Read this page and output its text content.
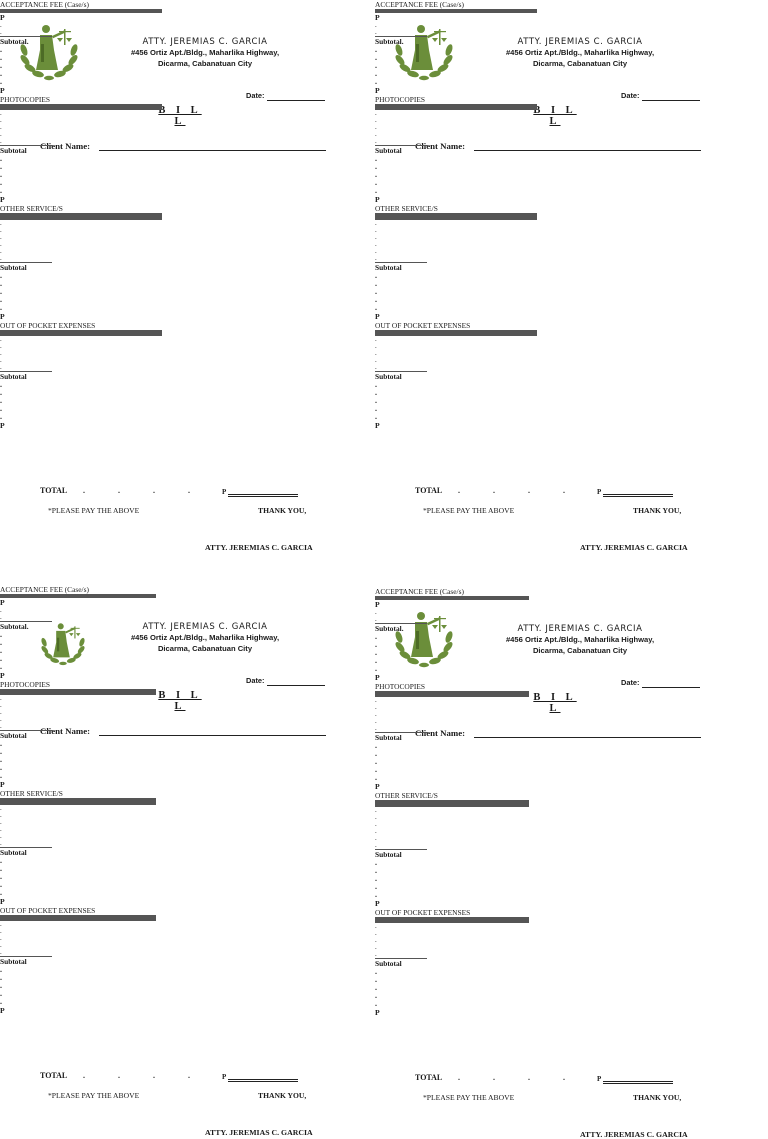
ATTY. JEREMIAS C. GARCIA
#456 Ortiz Apt./Bldg., Maharlika Highway,
Dicarma, Cabanatuan City
Date:
B I L L
Client Name:
ACCEPTANCE FEE (Case/s)
P
.
.
Subtotal.
.
.
.
.
.
P
PHOTOCOPIES
.
.
.
.
.
Subtotal
.
.
.
.
.
P
OTHER SERVICE/S
.
.
.
.
.
.
Subtotal
.
.
.
.
.
P
OUT OF POCKET EXPENSES
.
.
.
.
.
Subtotal
.
.
.
.
.
P
TOTAL	P
*PLEASE PAY THE ABOVE	THANK YOU,
ATTY. JEREMIAS C. GARCIA
.	.	.	.
ATTY. JEREMIAS C. GARCIA
#456 Ortiz Apt./Bldg., Maharlika Highway,
Dicarma, Cabanatuan City
Date:
B I L L
Client Name:
ACCEPTANCE FEE (Case/s)
P
.
.
Subtotal.
.
.
.
.
.
P
PHOTOCOPIES
.
.
.
.
.
Subtotal
.
.
.
.
.
P
OTHER SERVICE/S
.
.
.
.
.
.
Subtotal
.
.
.
.
.
P
OUT OF POCKET EXPENSES
.
.
.
.
.
Subtotal
.
.
.
.
.
P
TOTAL	P
*PLEASE PAY THE ABOVE	THANK YOU,
ATTY. JEREMIAS C. GARCIA
.	.	.	.
ATTY. JEREMIAS C. GARCIA
#456 Ortiz Apt./Bldg., Maharlika Highway,
Dicarma, Cabanatuan City
Date:
B I L L
Client Name:
ACCEPTANCE FEE (Case/s)
P
.
.
Subtotal.
.
.
.
.
.
P
PHOTOCOPIES
.
.
.
.
.
Subtotal
.
.
.
.
.
P
OTHER SERVICE/S
.
.
.
.
.
.
Subtotal
.
.
.
.
.
P
OUT OF POCKET EXPENSES
.
.
.
.
.
Subtotal
.
.
.
.
.
P
TOTAL	P
*PLEASE PAY THE ABOVE	THANK YOU,
ATTY. JEREMIAS C. GARCIA
.	.	.	.
ATTY. JEREMIAS C. GARCIA
#456 Ortiz Apt./Bldg., Maharlika Highway,
Dicarma, Cabanatuan City
Date:
B I L L
Client Name:
ACCEPTANCE FEE (Case/s)
P
.
.
Subtotal.
.
.
.
.
.
P
PHOTOCOPIES
.
.
.
.
.
Subtotal
.
.
.
.
.
P
OTHER SERVICE/S
.
.
.
.
.
.
Subtotal
.
.
.
.
.
P
OUT OF POCKET EXPENSES
.
.
.
.
.
Subtotal
.
.
.
.
.
P
TOTAL	P
*PLEASE PAY THE ABOVE	THANK YOU,
ATTY. JEREMIAS C. GARCIA
.	.	.	.
